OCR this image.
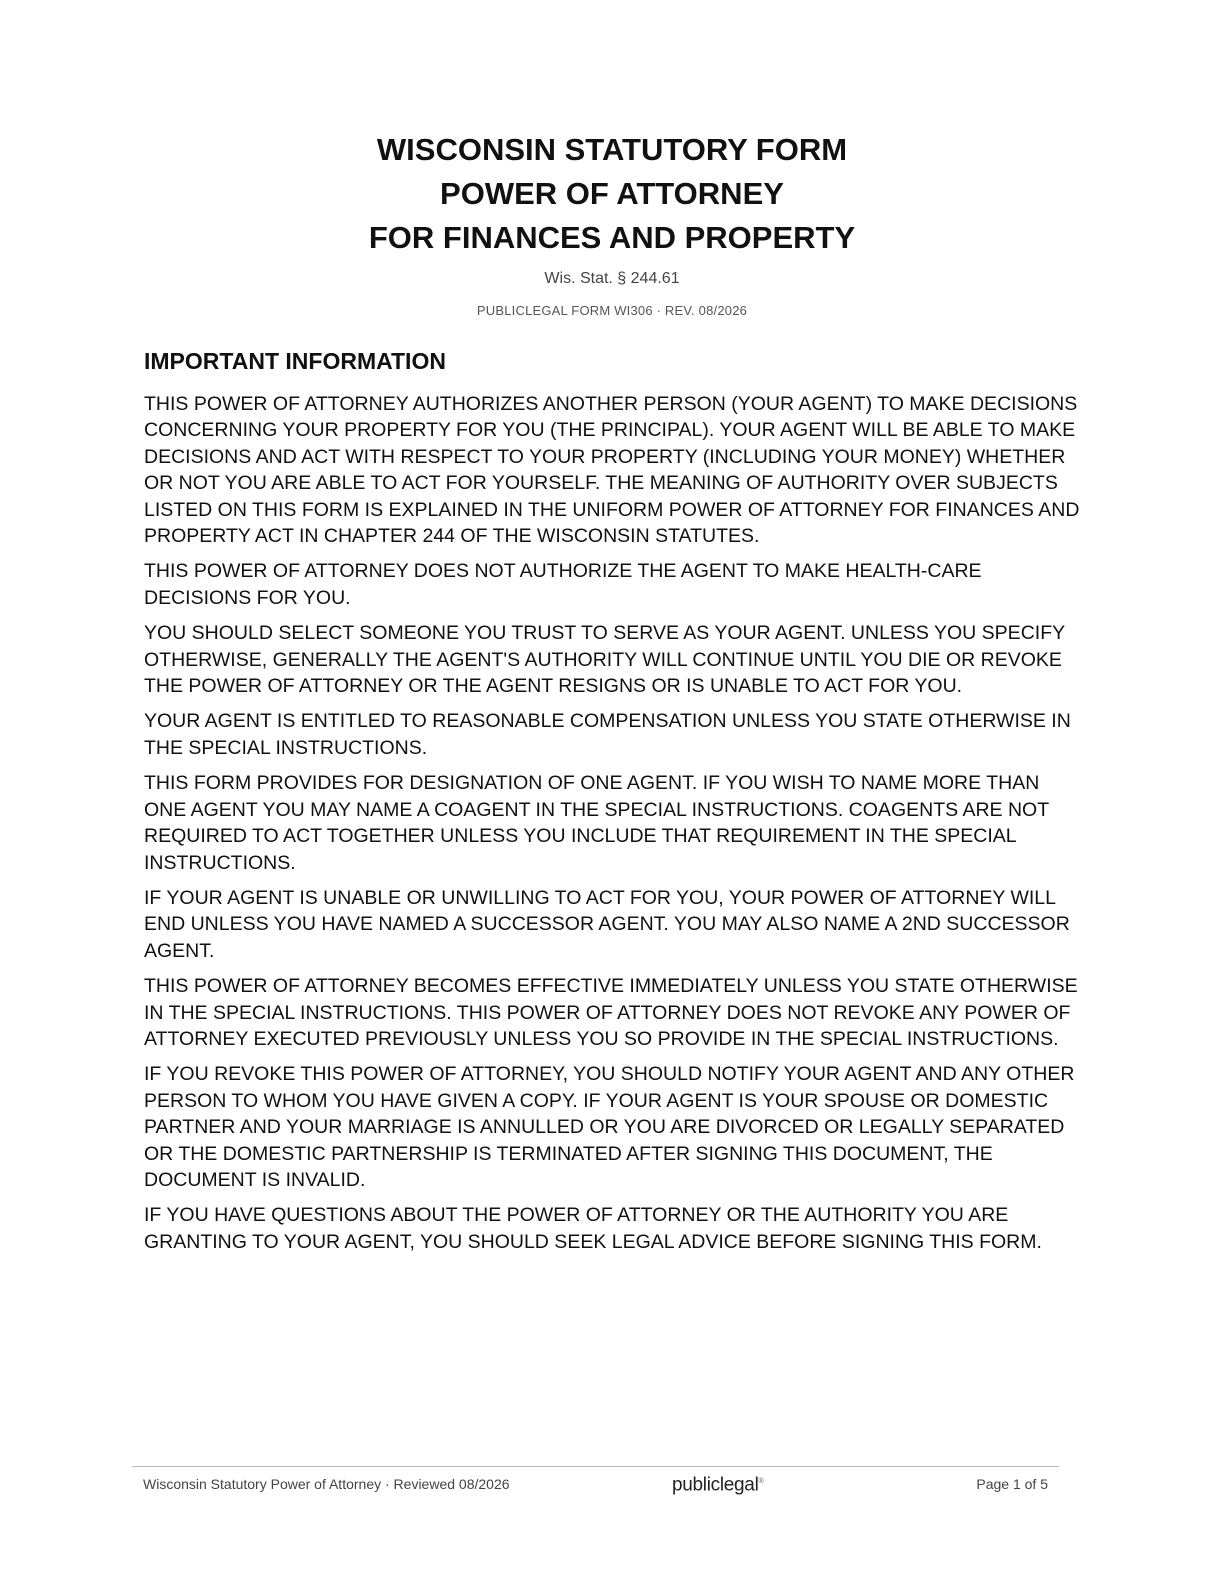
WISCONSIN STATUTORY FORM
POWER OF ATTORNEY
FOR FINANCES AND PROPERTY
Wis. Stat. § 244.61
PUBLICLEGAL FORM WI306 · REV. 08/2026
IMPORTANT INFORMATION

THIS POWER OF ATTORNEY AUTHORIZES ANOTHER PERSON (YOUR AGENT) TO MAKE DECISIONS CONCERNING YOUR PROPERTY FOR YOU (THE PRINCIPAL). YOUR AGENT WILL BE ABLE TO MAKE DECISIONS AND ACT WITH RESPECT TO YOUR PROPERTY (INCLUDING YOUR MONEY) WHETHER OR NOT YOU ARE ABLE TO ACT FOR YOURSELF. THE MEANING OF AUTHORITY OVER SUBJECTS LISTED ON THIS FORM IS EXPLAINED IN THE UNIFORM POWER OF ATTORNEY FOR FINANCES AND PROPERTY ACT IN CHAPTER 244 OF THE WISCONSIN STATUTES.

THIS POWER OF ATTORNEY DOES NOT AUTHORIZE THE AGENT TO MAKE HEALTH-CARE DECISIONS FOR YOU.

YOU SHOULD SELECT SOMEONE YOU TRUST TO SERVE AS YOUR AGENT. UNLESS YOU SPECIFY OTHERWISE, GENERALLY THE AGENT'S AUTHORITY WILL CONTINUE UNTIL YOU DIE OR REVOKE THE POWER OF ATTORNEY OR THE AGENT RESIGNS OR IS UNABLE TO ACT FOR YOU.

YOUR AGENT IS ENTITLED TO REASONABLE COMPENSATION UNLESS YOU STATE OTHERWISE IN THE SPECIAL INSTRUCTIONS.

THIS FORM PROVIDES FOR DESIGNATION OF ONE AGENT. IF YOU WISH TO NAME MORE THAN ONE AGENT YOU MAY NAME A COAGENT IN THE SPECIAL INSTRUCTIONS. COAGENTS ARE NOT REQUIRED TO ACT TOGETHER UNLESS YOU INCLUDE THAT REQUIREMENT IN THE SPECIAL INSTRUCTIONS.

IF YOUR AGENT IS UNABLE OR UNWILLING TO ACT FOR YOU, YOUR POWER OF ATTORNEY WILL END UNLESS YOU HAVE NAMED A SUCCESSOR AGENT. YOU MAY ALSO NAME A 2ND SUCCESSOR AGENT.

THIS POWER OF ATTORNEY BECOMES EFFECTIVE IMMEDIATELY UNLESS YOU STATE OTHERWISE IN THE SPECIAL INSTRUCTIONS. THIS POWER OF ATTORNEY DOES NOT REVOKE ANY POWER OF ATTORNEY EXECUTED PREVIOUSLY UNLESS YOU SO PROVIDE IN THE SPECIAL INSTRUCTIONS.

IF YOU REVOKE THIS POWER OF ATTORNEY, YOU SHOULD NOTIFY YOUR AGENT AND ANY OTHER PERSON TO WHOM YOU HAVE GIVEN A COPY. IF YOUR AGENT IS YOUR SPOUSE OR DOMESTIC PARTNER AND YOUR MARRIAGE IS ANNULLED OR YOU ARE DIVORCED OR LEGALLY SEPARATED OR THE DOMESTIC PARTNERSHIP IS TERMINATED AFTER SIGNING THIS DOCUMENT, THE DOCUMENT IS INVALID.

IF YOU HAVE QUESTIONS ABOUT THE POWER OF ATTORNEY OR THE AUTHORITY YOU ARE GRANTING TO YOUR AGENT, YOU SHOULD SEEK LEGAL ADVICE BEFORE SIGNING THIS FORM.

Wisconsin Statutory Power of Attorney · Reviewed 08/2026	publiclegal®	Page 1 of 5
